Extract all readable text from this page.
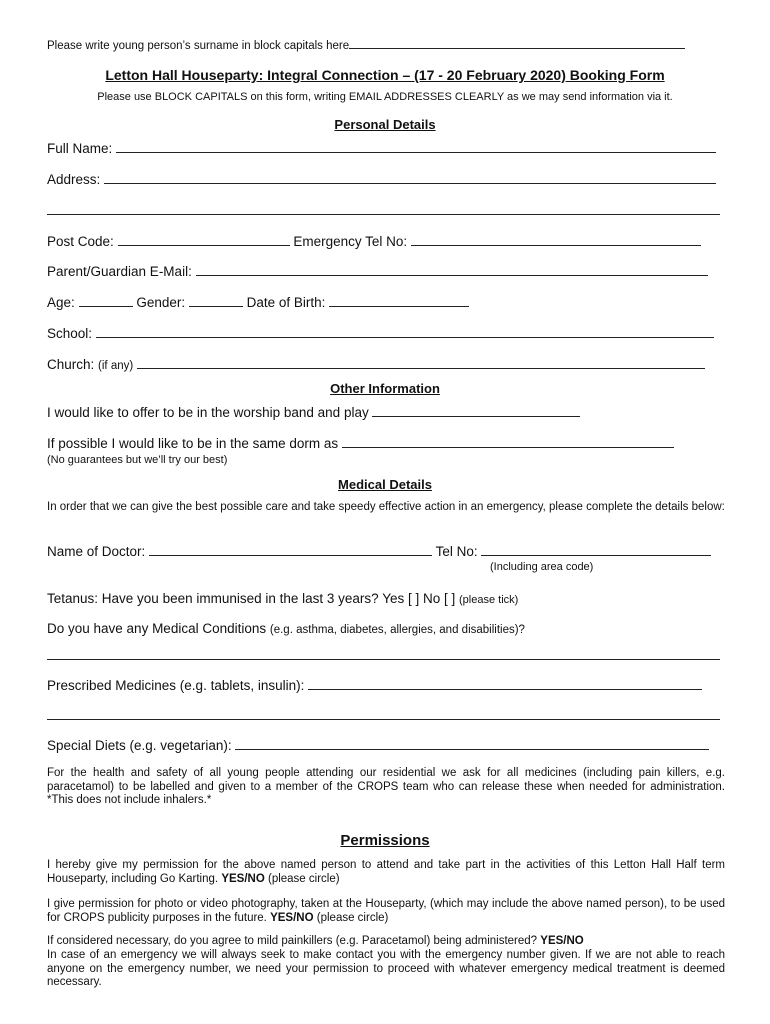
Please write young person’s surname in block capitals here
Letton Hall Houseparty: Integral Connection – (17 - 20 February 2020) Booking Form
Please use BLOCK CAPITALS on this form, writing EMAIL ADDRESSES CLEARLY as we may send information via it.
Personal Details
Full Name:
Address:
Post Code:	Emergency Tel No:
Parent/Guardian E-Mail:
Age:	Gender:	Date of Birth:
School:
Church: (if any)
Other Information
I would like to offer to be in the worship band and play
If possible I would like to be in the same dorm as
(No guarantees but we’ll try our best)
Medical Details
In order that we can give the best possible care and take speedy effective action in an emergency, please complete the details below:
Name of Doctor:	Tel No:
(Including area code)
Tetanus: Have you been immunised in the last 3 years? Yes [ ] No [ ] (please tick)
Do you have any Medical Conditions (e.g. asthma, diabetes, allergies, and disabilities)?
Prescribed Medicines (e.g. tablets, insulin):
Special Diets (e.g. vegetarian):
For the health and safety of all young people attending our residential we ask for all medicines (including pain killers, e.g. paracetamol) to be labelled and given to a member of the CROPS team who can release these when needed for administration. *This does not include inhalers.*
Permissions
I hereby give my permission for the above named person to attend and take part in the activities of this Letton Hall Half term Houseparty, including Go Karting. YES/NO (please circle)
I give permission for photo or video photography, taken at the Houseparty, (which may include the above named person), to be used for CROPS publicity purposes in the future. YES/NO (please circle)
If considered necessary, do you agree to mild painkillers (e.g. Paracetamol) being administered? YES/NO
In case of an emergency we will always seek to make contact you with the emergency number given. If we are not able to reach anyone on the emergency number, we need your permission to proceed with whatever emergency medical treatment is deemed necessary.
